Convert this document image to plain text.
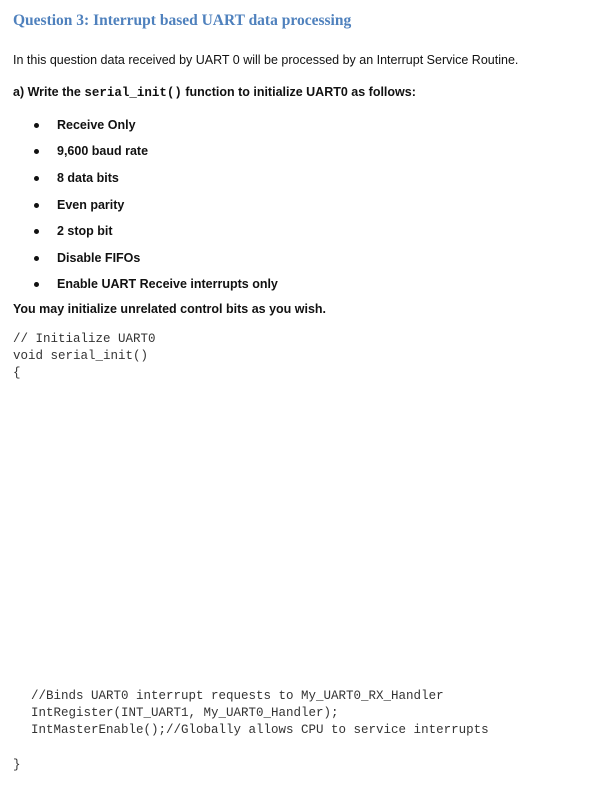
Question 3: Interrupt based UART data processing
In this question data received by UART 0 will be processed by an Interrupt Service Routine.
a) Write the serial_init() function to initialize UART0 as follows:
Receive Only
9,600 baud rate
8 data bits
Even parity
2 stop bit
Disable FIFOs
Enable UART Receive interrupts only
You may initialize unrelated control bits as you wish.
// Initialize UART0
void serial_init()
{
//Binds UART0 interrupt requests to My_UART0_RX_Handler
IntRegister(INT_UART1, My_UART0_Handler);
IntMasterEnable();//Globally allows CPU to service interrupts
}
